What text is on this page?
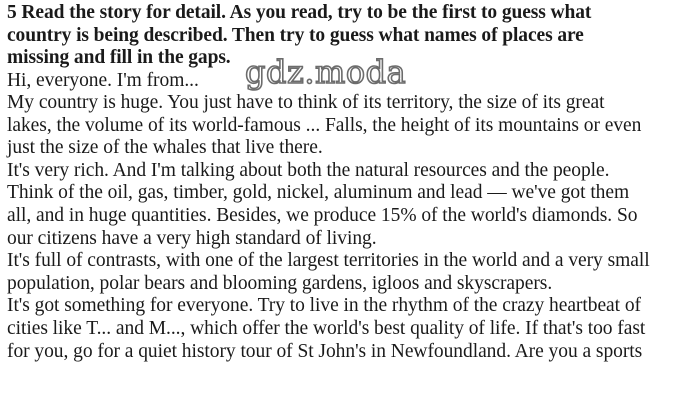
5 Read the story for detail. As you read, try to be the first to guess what

country is being described. Then try to guess what names of places are

missing and fill in the gaps.

Hi, everyone. I'm from...

My country is huge. You just have to think of its territory, the size of its great

lakes, the volume of its world-famous ... Falls, the height of its mountains or even

just the size of the whales that live there.

It's very rich. And I'm talking about both the natural resources and the people.

Think of the oil, gas, timber, gold, nickel, aluminum and lead — we've got them

all, and in huge quantities. Besides, we produce 15% of the world's diamonds. So

our citizens have a very high standard of living.

It's full of contrasts, with one of the largest territories in the world and a very small

population, polar bears and blooming gardens, igloos and skyscrapers.

It's got something for everyone. Try to live in the rhythm of the crazy heartbeat of

cities like T... and M..., which offer the world's best quality of life. If that's too fast

for you, go for a quiet history tour of St John's in Newfoundland. Are you a sports

gdz.moda
